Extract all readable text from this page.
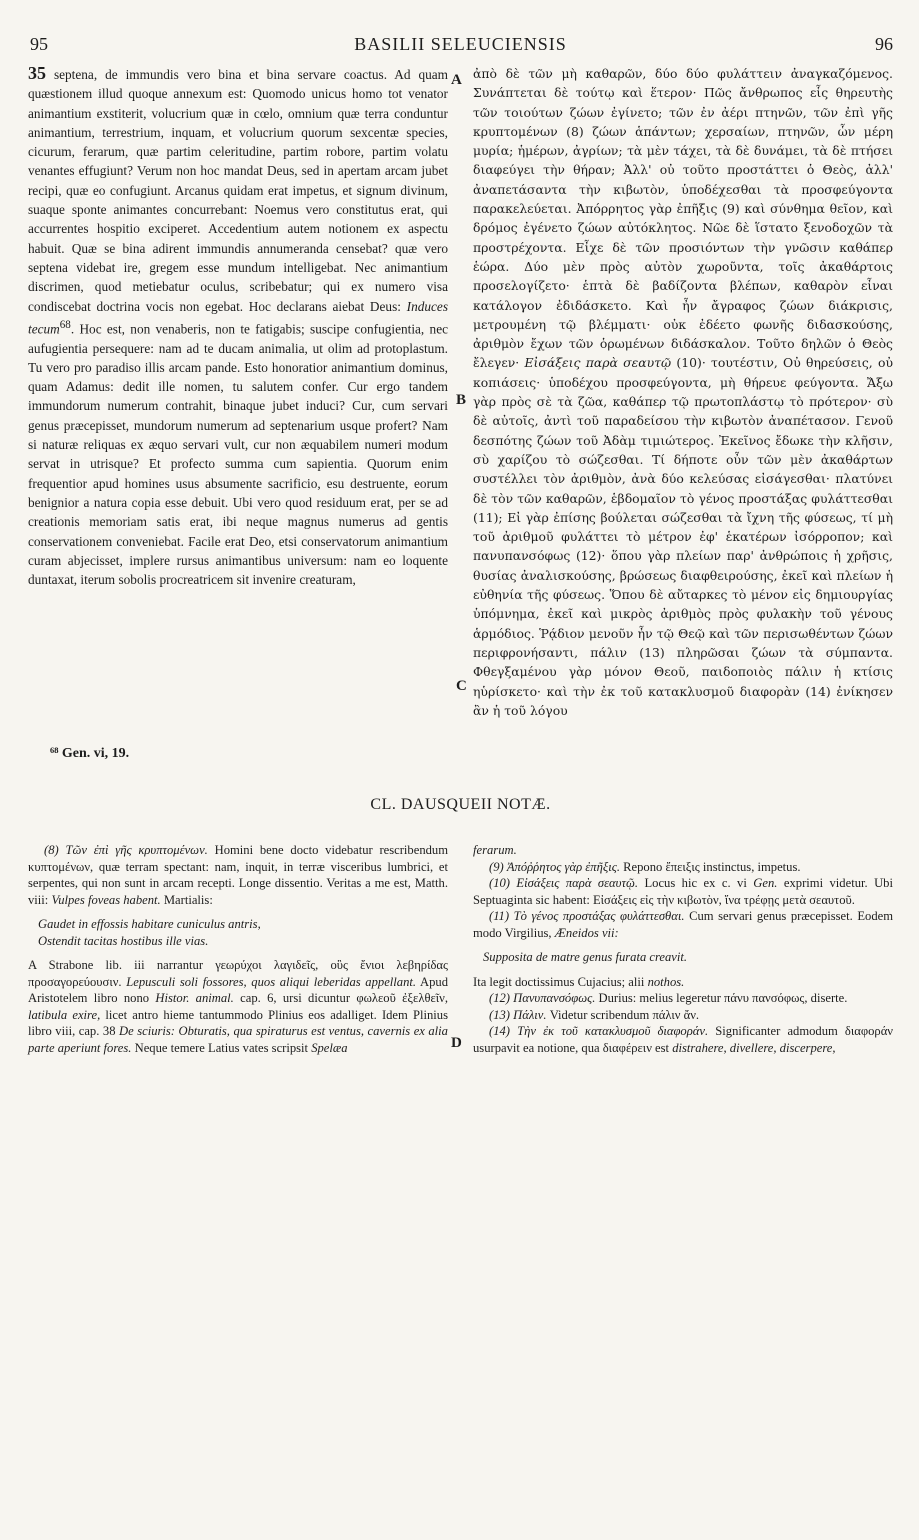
95	BASILII SELEUCIENSIS	96
A
B
C
D

35 septena, de immundis vero bina et bina servare coactus. Ad quam quæstionem illud quoque annexum est: Quomodo unicus homo tot venator animantium exstiterit, volucrium quæ in cœlo, omnium quæ terra conduntur animantium, terrestrium, inquam, et volucrium quorum sexcentæ species, cicurum, ferarum, quæ partim celeritudine, partim robore, partim volatu venantes effugiunt? Verum non hoc mandat Deus, sed in apertam arcam jubet recipi, quæ eo confugiunt. Arcanus quidam erat impetus, et signum divinum, suaque sponte animantes concurrebant: Noemus vero constitutus erat, qui accurrentes hospitio exciperet. Accedentium autem notionem ex aspectu habuit. Quæ se bina adirent immundis annumeranda censebat? quæ vero septena videbat ire, gregem esse mundum intelligebat. Nec animantium discrimen, quod metiebatur oculus, scribebatur; qui ex numero visa condiscebat doctrina vocis non egebat. Hoc declarans aiebat Deus: Induces tecum$^{68}$. Hoc est, non venaberis, non te fatigabis; suscipe confugientia, nec aufugientia persequere: nam ad te ducam animalia, ut olim ad protoplastum. Tu vero pro paradiso illis arcam pande. Esto honoratior animantium dominus, quam Adamus: dedit ille nomen, tu salutem confer. Cur ergo tandem immundorum numerum contrahit, binaque jubet induci? Cur, cum servari genus præcepisset, mundorum numerum ad septenarium usque profert? Nam si naturæ reliquas ex æquo servari vult, cur non æquabilem numeri modum servat in utrisque? Et profecto summa cum sapientia. Quorum enim frequentior apud homines usus absumente sacrificio, esu destruente, eorum benignior a natura copia esse debuit. Ubi vero quod residuum erat, per se ad creationis memoriam satis erat, ibi neque magnus numerus ad gentis conservationem conveniebat. Facile erat Deo, etsi conservatorum animantium curam abjecisset, implere rursus animantibus universum: nam eo loquente duntaxat, iterum sobolis procreatricem sit invenire creaturam,

ἀπὸ δὲ τῶν μὴ καθαρῶν, δύο δύο φυλάττειν ἀναγκαζόμενος. Συνάπτεται δὲ τούτῳ καὶ ἕτερον· Πῶς ἄνθρωπος εἷς θηρευτὴς τῶν τοιούτων ζώων ἐγίνετο; τῶν ἐν ἀέρι πτηνῶν, τῶν ἐπὶ γῆς κρυπτομένων (8) ζώων ἁπάντων; χερσαίων, πτηνῶν, ὧν μέρη μυρία; ἡμέρων, ἀγρίων; τὰ μὲν τάχει, τὰ δὲ δυνάμει, τὰ δὲ πτήσει διαφεύγει τὴν θήραν; Ἀλλ' οὐ τοῦτο προστάττει ὁ Θεὸς, ἀλλ' ἀναπετάσαντα τὴν κιβωτὸν, ὑποδέχεσθαι τὰ προσφεύγοντα παρακελεύεται. Ἀπόρρητος γὰρ ἐπῆξις (9) καὶ σύνθημα θεῖον, καὶ δρόμος ἐγένετο ζώων αὐτόκλητος. Νῶε δὲ ἵστατο ξενοδοχῶν τὰ προστρέχοντα. Εἶχε δὲ τῶν προσιόντων τὴν γνῶσιν καθάπερ ἑώρα. Δύο μὲν πρὸς αὐτὸν χωροῦντα, τοῖς ἀκαθάρτοις προσελογίζετο· ἑπτὰ δὲ βαδίζοντα βλέπων, καθαρὸν εἶναι κατάλογον ἐδιδάσκετο. Καὶ ἦν ἄγραφος ζώων διάκρισις, μετρουμένη τῷ βλέμματι· οὐκ ἐδέετο φωνῆς διδασκούσης, ἀριθμὸν ἔχων τῶν ὁρωμένων διδάσκαλον. Τοῦτο δηλῶν ὁ Θεὸς ἔλεγεν· Εἰσάξεις παρὰ σεαυτῷ (10)· τουτέστιν, Οὐ θηρεύσεις, οὐ κοπιάσεις· ὑποδέχου προσφεύγοντα, μὴ θήρευε φεύγοντα. Ἄξω γὰρ πρὸς σὲ τὰ ζῶα, καθάπερ τῷ πρωτοπλάστῳ τὸ πρότερον· σὺ δὲ αὐτοῖς, ἀντὶ τοῦ παραδείσου τὴν κιβωτὸν ἀναπέτασον. Γενοῦ δεσπότης ζώων τοῦ Ἀδὰμ τιμιώτερος. Ἐκεῖνος ἔδωκε τὴν κλῆσιν, σὺ χαρίζου τὸ σώζεσθαι. Τί δήποτε οὖν τῶν μὲν ἀκαθάρτων συστέλλει τὸν ἀριθμὸν, ἀνὰ δύο κελεύσας εἰσάγεσθαι· πλατύνει δὲ τὸν τῶν καθαρῶν, ἑβδομαῖον τὸ γένος προστάξας φυλάττεσθαι (11); Εἰ γὰρ ἐπίσης βούλεται σώζεσθαι τὰ ἴχνη τῆς φύσεως, τί μὴ τοῦ ἀριθμοῦ φυλάττει τὸ μέτρον ἐφ' ἑκατέρων ἰσόρροπον; καὶ πανυπανσόφως (12)· ὅπου γὰρ πλείων παρ' ἀνθρώποις ἡ χρῆσις, θυσίας ἀναλισκούσης, βρώσεως διαφθειρούσης, ἐκεῖ καὶ πλείων ἡ εὐθηνία τῆς φύσεως. Ὅπου δὲ αὔταρκες τὸ μένον εἰς δημιουργίας ὑπόμνημα, ἐκεῖ καὶ μικρὸς ἀριθμὸς πρὸς φυλακὴν τοῦ γένους ἁρμόδιος. Ῥᾴδιον μενοῦν ἦν τῷ Θεῷ καὶ τῶν περισωθέντων ζώων περιφρονήσαντι, πάλιν (13) πληρῶσαι ζώων τὰ σύμπαντα. Φθεγξαμένου γὰρ μόνον Θεοῦ, παιδοποιὸς πάλιν ἡ κτίσις ηὑρίσκετο· καὶ τὴν ἐκ τοῦ κατακλυσμοῦ διαφορὰν (14) ἐνίκησεν ἂν ἡ τοῦ λόγου

⁶⁸ Gen. vi, 19.
CL. DAUSQUEII NOTÆ.

(8) Τῶν ἐπὶ γῆς κρυπτομένων. Homini bene docto videbatur rescribendum κυπτομένων, quæ terram spectant: nam, inquit, in terræ visceribus lumbrici, et serpentes, qui non sunt in arcam recepti. Longe dissentio. Veritas a me est, Matth. viii: Vulpes foveas habent. Martialis:

Gaudet in effossis habitare cuniculus antris,
Ostendit tacitas hostibus ille vias.

A Strabone lib. iii narrantur γεωρύχοι λαγιδεῖς, οὓς ἔνιοι λεβηρίδας προσαγορεύουσιν. Lepusculi soli fossores, quos aliqui leberidas appellant. Apud Aristotelem libro nono Histor. animal. cap. 6, ursi dicuntur φωλεοῦ ἐξελθεῖν, latibula exire, licet antro hieme tantummodo Plinius eos adalliget. Idem Plinius libro viii, cap. 38 De sciuris: Obturatis, qua spiraturus est ventus, cavernis ex alia parte aperiunt fores. Neque temere Latius vates scripsit Spelæa

ferarum.

(9) Ἀπόῤῥητος γὰρ ἐπῆξις. Repono ἔπειξις instinctus, impetus.

(10) Εἰσάξεις παρὰ σεαυτῷ. Locus hic ex c. vi Gen. exprimi videtur. Ubi Septuaginta sic habent: Εἰσάξεις εἰς τὴν κιβωτὸν, ἵνα τρέφῃς μετὰ σεαυτοῦ.

(11) Τὸ γένος προστάξας φυλάττεσθαι. Cum servari genus præcepisset. Eodem modo Virgilius, Æneidos vii:

Supposita de matre genus furata creavit.

Ita legit doctissimus Cujacius; alii nothos.

(12) Πανυπανσόφως. Durius: melius legeretur πάνυ πανσόφως, diserte.

(13) Πάλιν. Videtur scribendum πάλιν ἄν.

(14) Τὴν ἐκ τοῦ κατακλυσμοῦ διαφοράν. Significanter admodum διαφοράν usurpavit ea notione, qua διαφέρειν est distrahere, divellere, discerpere,
